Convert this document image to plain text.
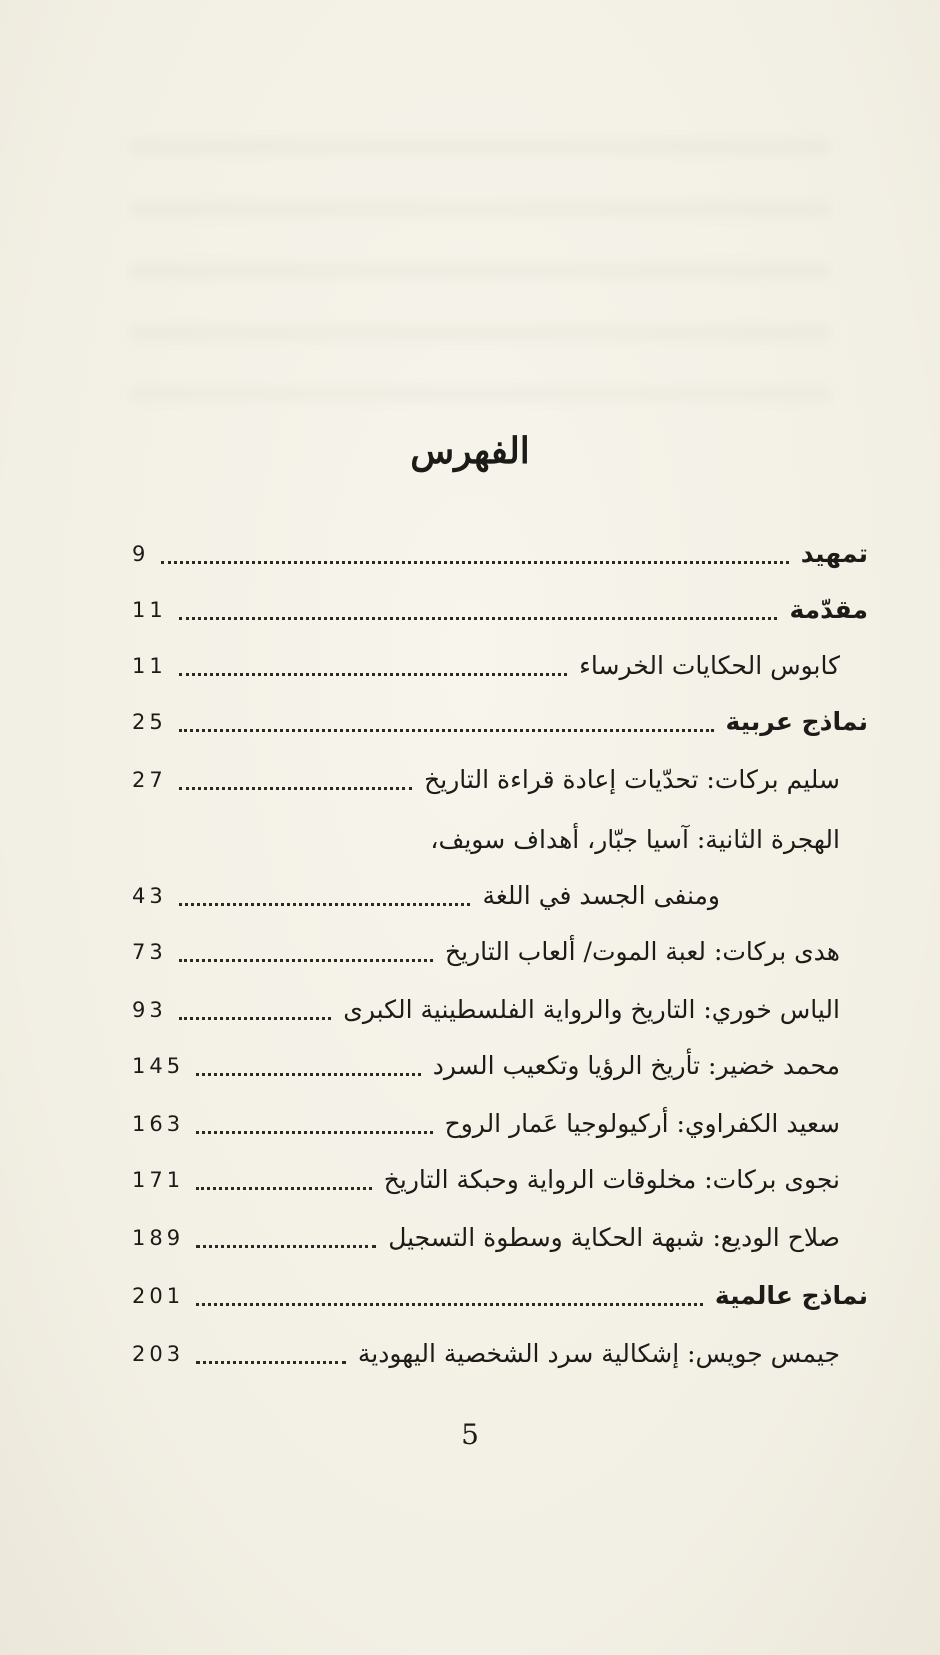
الفهرس
تمهيد
9
مقدّمة
11
كابوس الحكايات الخرساء
11
نماذج عربية
25
سليم بركات: تحدّيات إعادة قراءة التاريخ
27
الهجرة الثانية: آسيا جبّار، أهداف سويف،
ومنفى الجسد في اللغة
43
هدى بركات: لعبة الموت/ ألعاب التاريخ
73
الياس خوري: التاريخ والرواية الفلسطينية الكبرى
93
محمد خضير: تأريخ الرؤيا وتكعيب السرد
145
سعيد الكفراوي: أركيولوجيا عَمار الروح
163
نجوى بركات: مخلوقات الرواية وحبكة التاريخ
171
صلاح الوديع: شبهة الحكاية وسطوة التسجيل
189
نماذج عالمية
201
جيمس جويس: إشكالية سرد الشخصية اليهودية
203
5
